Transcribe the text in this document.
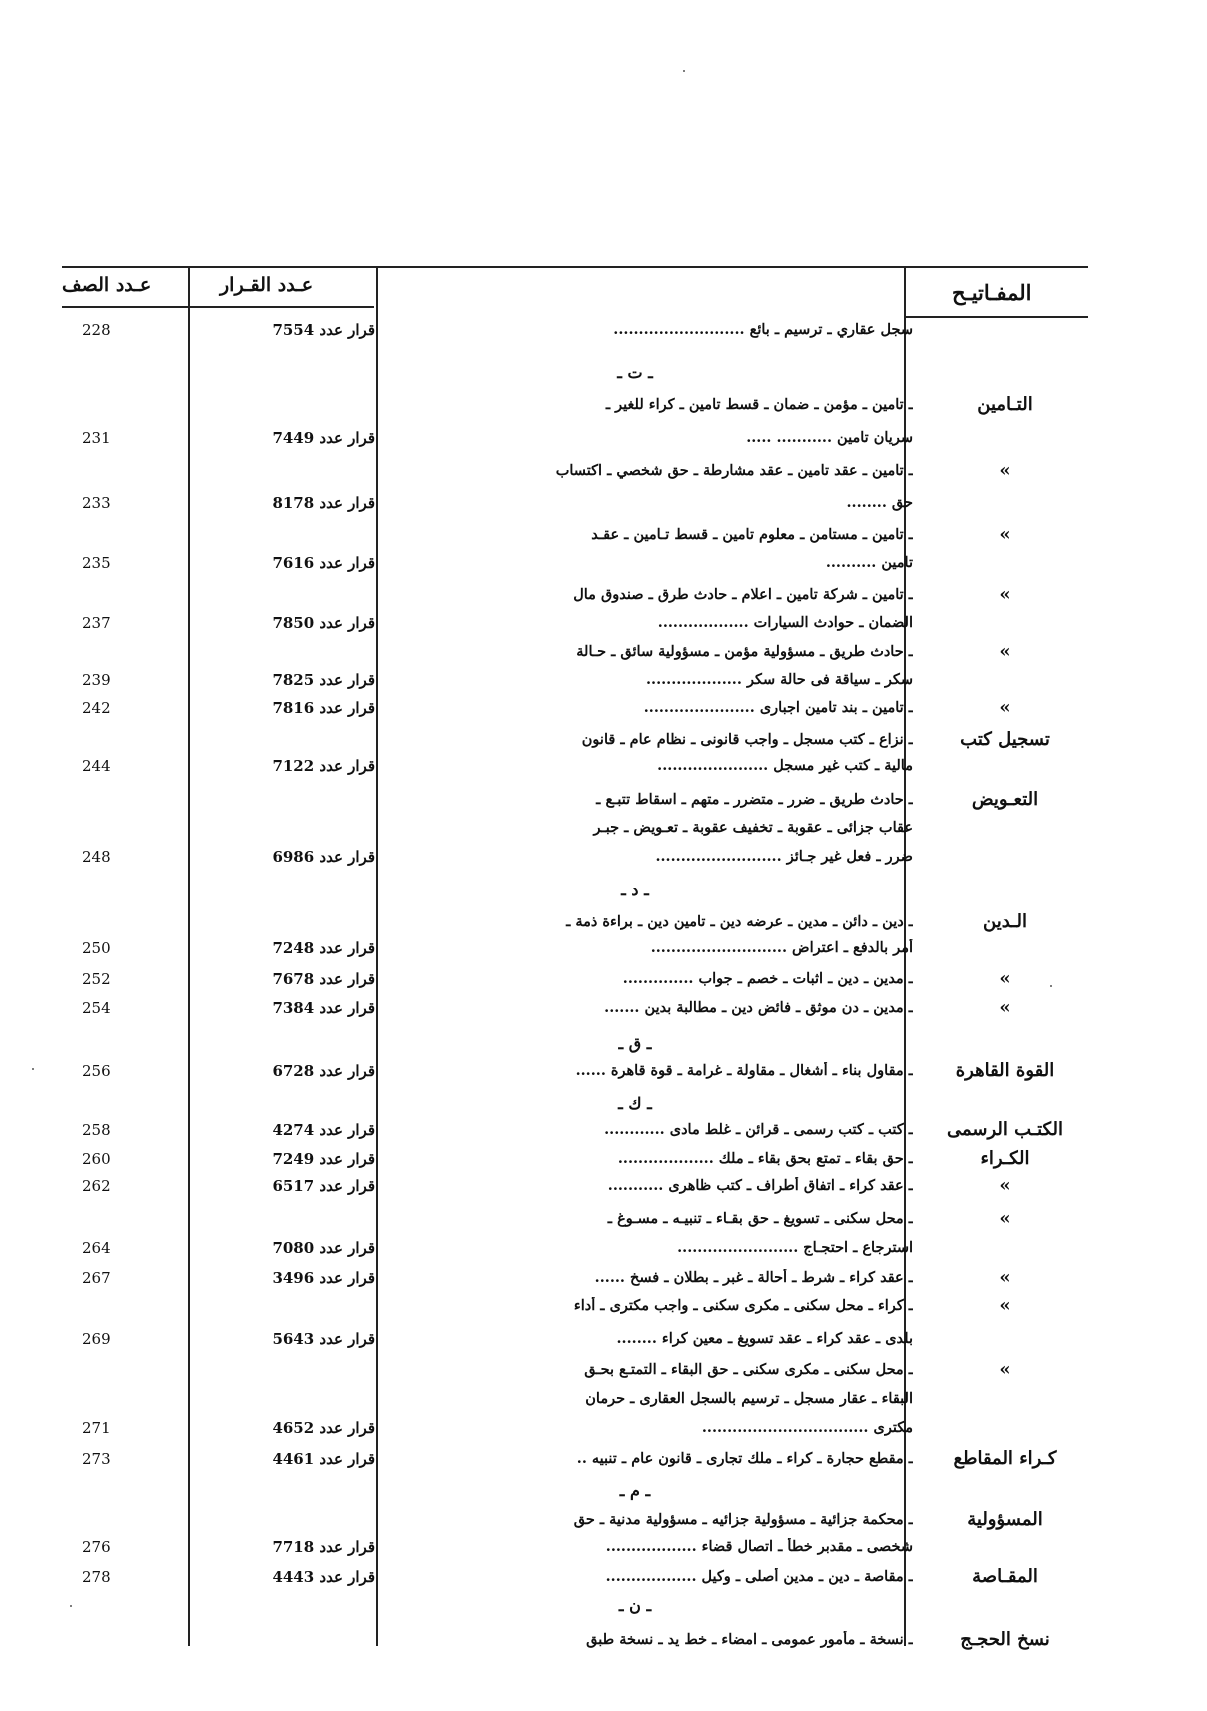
عـدد الصف	عـدد القـرار	المفـاتيـح
228	قرار عدد 7554	سجل عقاري ـ ترسيم ـ بائع ..........................
ـ ت ـ
ـ تامين ـ مؤمن ـ ضمان ـ قسط تامين ـ كراء للغير ـ	التـامين
231	قرار عدد 7449	سريان تامين ........... .....
ـ تامين ـ عقد تامين ـ عقد مشارطة ـ حق شخصي ـ اكتساب	»
233	قرار عدد 8178	حق ........
ـ تامين ـ مستامن ـ معلوم تامين ـ قسط تـامين ـ عقـد	»
235	قرار عدد 7616	تامين ..........
ـ تامين ـ شركة تامين ـ اعلام ـ حادث طرق ـ صندوق مال	»
237	قرار عدد 7850	الضمان ـ حوادث السيارات ..................
ـ حادث طريق ـ مسؤولية مؤمن ـ مسؤولية سائق ـ حـالة	»
239	قرار عدد 7825	سكر ـ سياقة فى حالة سكر ...................
242	قرار عدد 7816	ـ تامين ـ بند تامين اجبارى ......................	»
ـ نزاع ـ كتب مسجل ـ واجب قانونى ـ نظام عام ـ قانون	تسجيل كتب
244	قرار عدد 7122	مالية ـ كتب غير مسجل ......................
ـ حادث طريق ـ ضرر ـ متضرر ـ متهم ـ اسقاط تتبـع ـ	التعـويض
عقاب جزائى ـ عقوبة ـ تخفيف عقوبة ـ تعـويض ـ جبـر
248	قرار عدد 6986	ضرر ـ فعل غير جـائز .........................
ـ د ـ
ـ دين ـ دائن ـ مدين ـ عرضه دين ـ تامين دين ـ براءة ذمة ـ	الـدين
250	قرار عدد 7248	أمر بالدفع ـ اعتراض ...........................
252	قرار عدد 7678	ـ مدين ـ دين ـ اثبات ـ خصم ـ جواب ..............	»
254	قرار عدد 7384	ـ مدين ـ دن موثق ـ فائض دين ـ مطالبة بدين .......	»
ـ ق ـ
256	قرار عدد 6728	ـ مقاول بناء ـ أشغال ـ مقاولة ـ غرامة ـ قوة قاهرة ......	القوة القاهرة
ـ ك ـ
258	قرار عدد 4274	ـ كتب ـ كتب رسمى ـ قرائن ـ غلط مادى ............	الكتـب الرسمى
260	قرار عدد 7249	ـ حق بقاء ـ تمتع بحق بقاء ـ ملك ...................	الكـراء
262	قرار عدد 6517	ـ عقد كراء ـ اتفاق أطراف ـ كتب ظاهرى ...........	»
ـ محل سكنى ـ تسويغ ـ حق بقـاء ـ تنبيـه ـ مسـوغ ـ	»
264	قرار عدد 7080	استرجاع ـ احتجـاج ........................
267	قرار عدد 3496	ـ عقد كراء ـ شرط ـ أحالة ـ غبر ـ بطلان ـ فسخ ......	»
ـ كراء ـ محل سكنى ـ مكرى سكنى ـ واجب مكترى ـ أداء	»
269	قرار عدد 5643	بلدى ـ عقد كراء ـ عقد تسويغ ـ معين كراء ........
ـ محل سكنى ـ مكرى سكنى ـ حق البقاء ـ التمتـع بحـق	»
البقاء ـ عقار مسجل ـ ترسيم بالسجل العقارى ـ حرمان
271	قرار عدد 4652	مكترى .................................
273	قرار عدد 4461	ـ مقطع حجارة ـ كراء ـ ملك تجارى ـ قانون عام ـ تنبيه ..	كـراء المقاطع
ـ م ـ
ـ محكمة جزائية ـ مسؤولية جزائيه ـ مسؤولية مدنية ـ حق	المسؤولية
276	قرار عدد 7718	شخصى ـ مقدبر خطأ ـ اتصال قضاء ..................
278	قرار عدد 4443	ـ مقاصة ـ دين ـ مدين أصلى ـ وكيل ..................	المقـاصة
ـ ن ـ
ـ نسخة ـ مأمور عمومى ـ امضاء ـ خط يد ـ نسخة طبق	نسخ الحجـج
